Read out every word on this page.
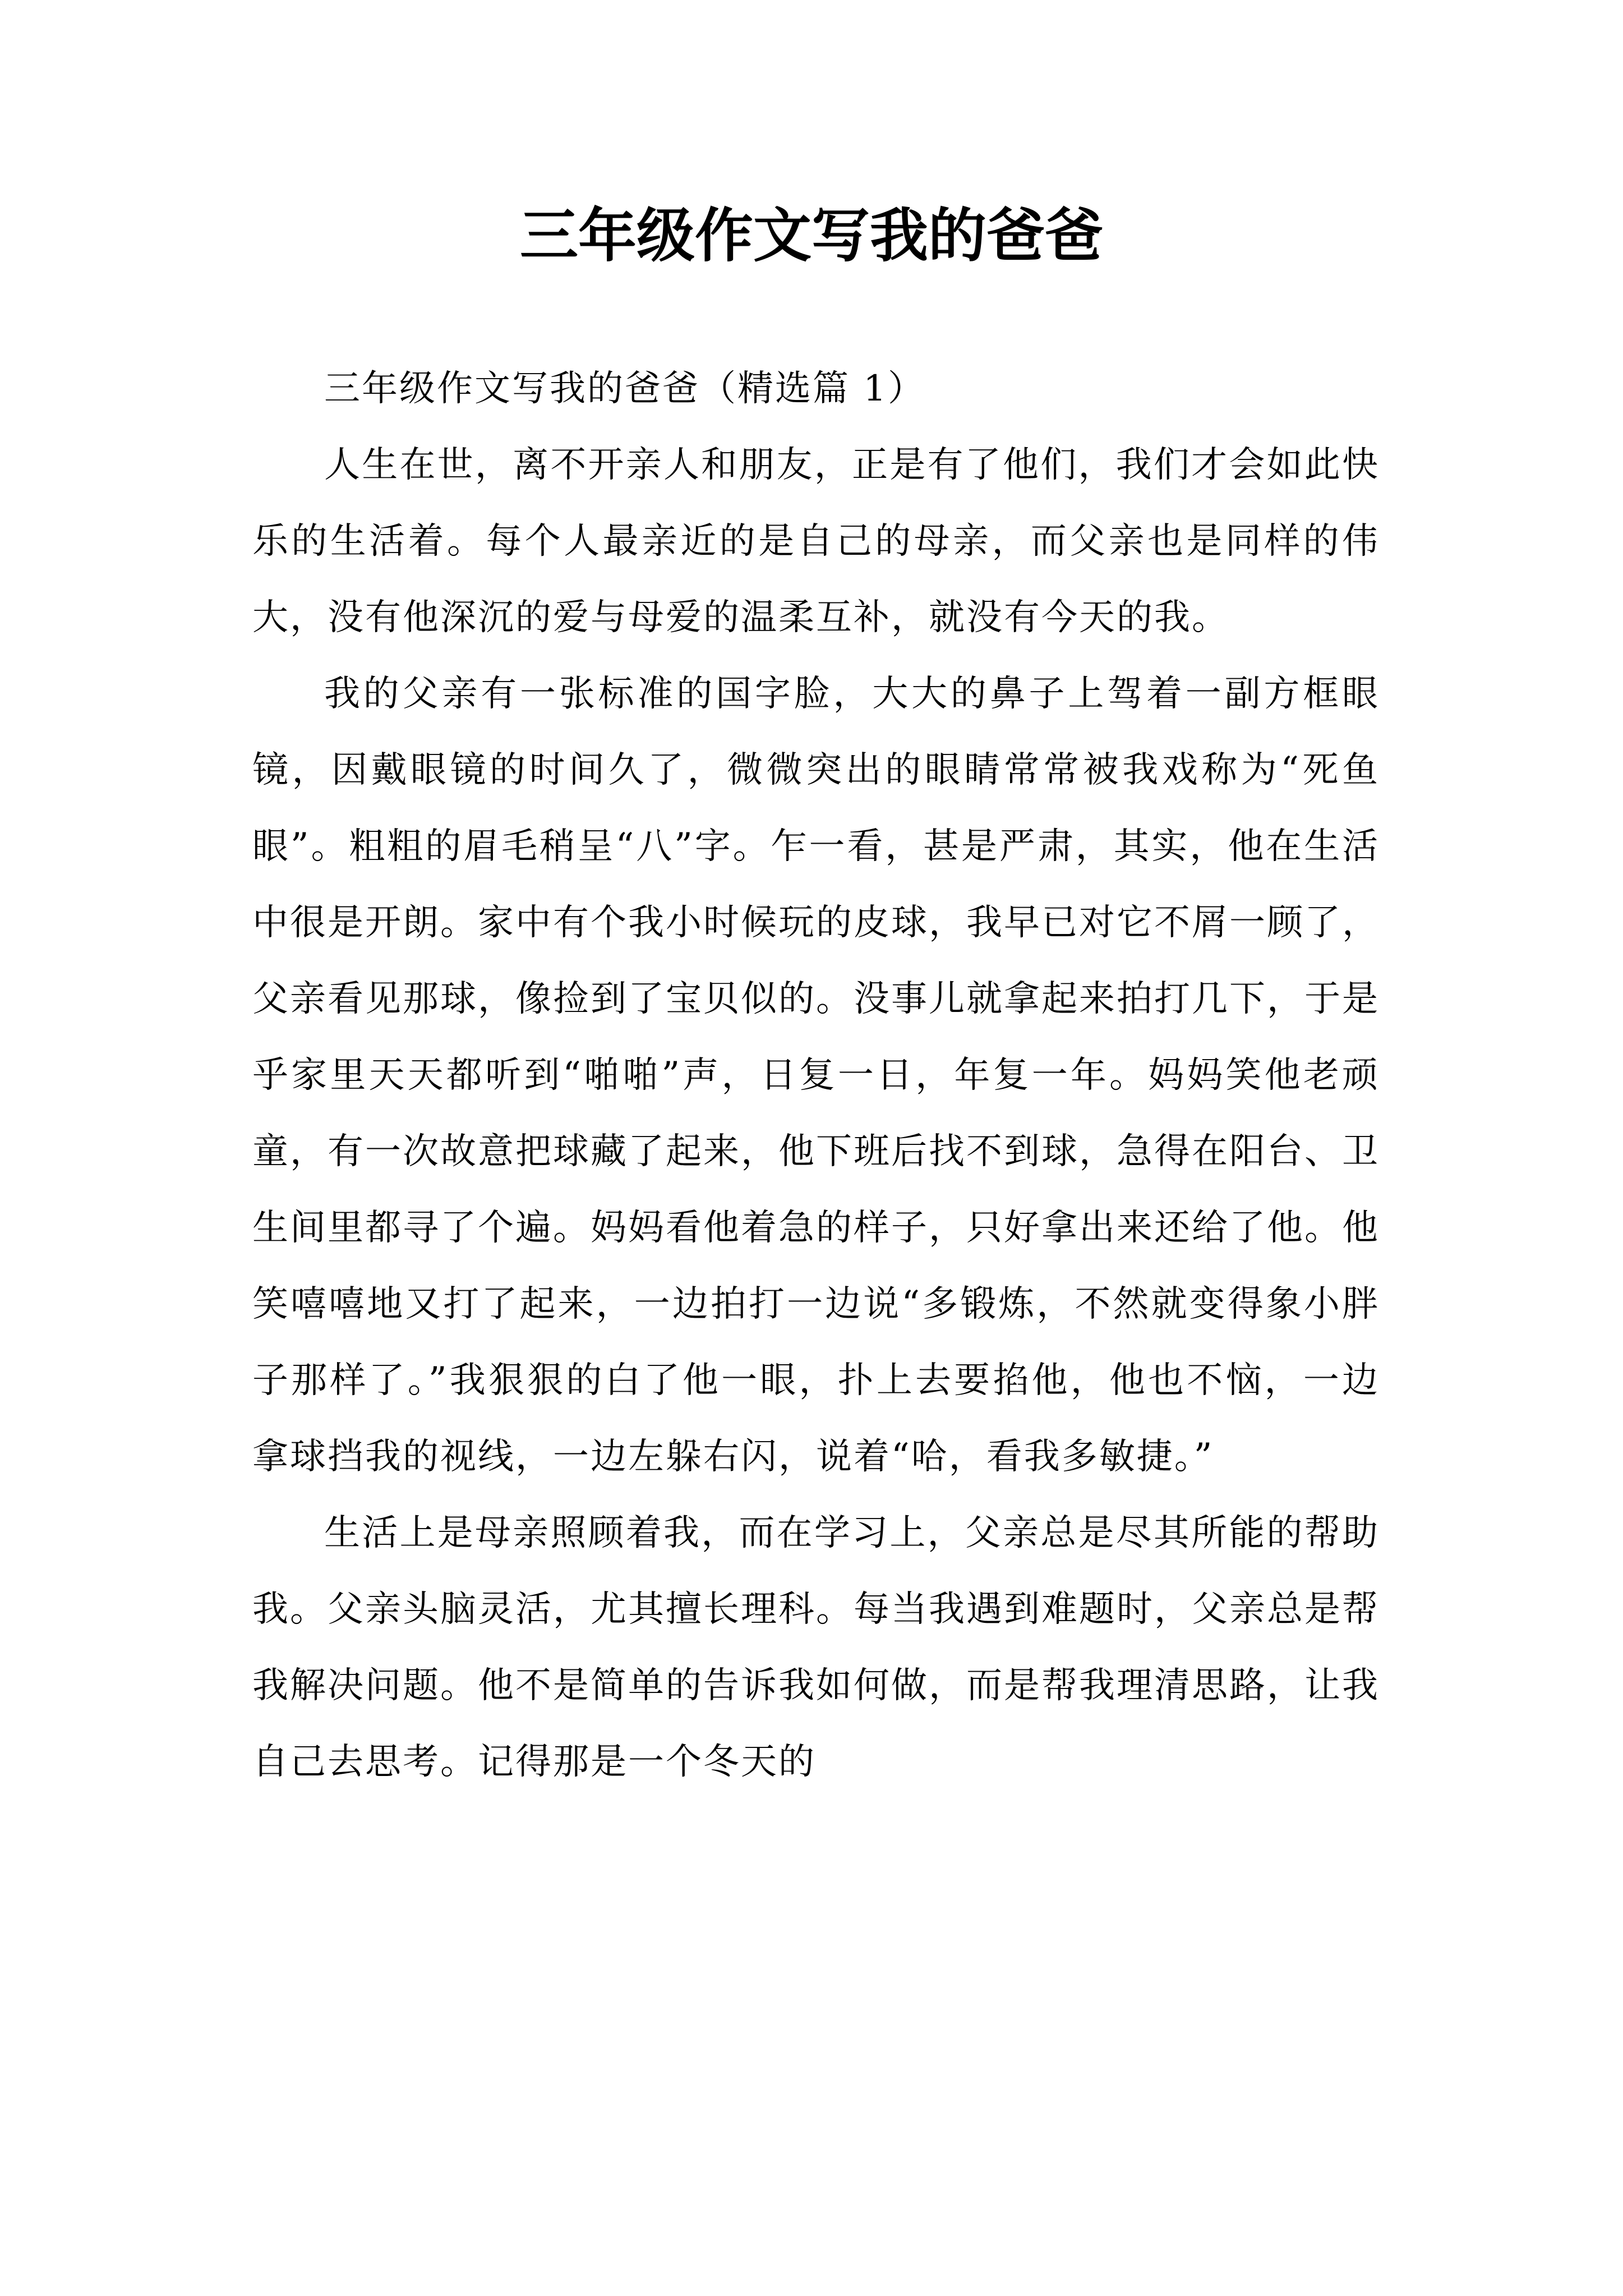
三年级作文写我的爸爸

三年级作文写我的爸爸（精选篇 1）

人生在世，离不开亲人和朋友，正是有了他们，我们才会如此快乐的生活着。每个人最亲近的是自己的母亲，而父亲也是同样的伟大，没有他深沉的爱与母爱的温柔互补，就没有今天的我。

我的父亲有一张标准的国字脸，大大的鼻子上驾着一副方框眼镜，因戴眼镜的时间久了，微微突出的眼睛常常被我戏称为“死鱼眼”。粗粗的眉毛稍呈“八”字。乍一看，甚是严肃，其实，他在生活中很是开朗。家中有个我小时候玩的皮球，我早已对它不屑一顾了，父亲看见那球，像捡到了宝贝似的。没事儿就拿起来拍打几下，于是乎家里天天都听到“啪啪”声，日复一日，年复一年。妈妈笑他老顽童，有一次故意把球藏了起来，他下班后找不到球，急得在阳台、卫生间里都寻了个遍。妈妈看他着急的样子，只好拿出来还给了他。他笑嘻嘻地又打了起来，一边拍打一边说“多锻炼，不然就变得象小胖子那样了。”我狠狠的白了他一眼，扑上去要掐他，他也不恼，一边拿球挡我的视线，一边左躲右闪，说着“哈，看我多敏捷。”

生活上是母亲照顾着我，而在学习上，父亲总是尽其所能的帮助我。父亲头脑灵活，尤其擅长理科。每当我遇到难题时，父亲总是帮我解决问题。他不是简单的告诉我如何做，而是帮我理清思路，让我自己去思考。记得那是一个冬天的
